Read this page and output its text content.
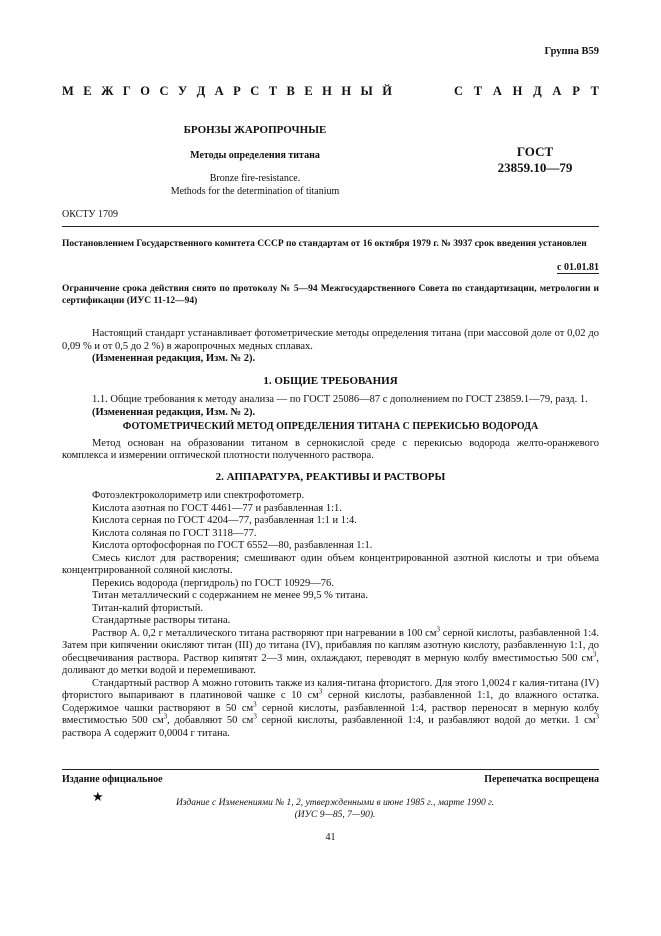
Группа В59
М Е Ж Г О С У Д А Р С Т В Е Н Н Ы Й	С Т А Н Д А Р Т
БРОНЗЫ ЖАРОПРОЧНЫЕ
Методы определения титана
Bronze fire-resistance.
Methods for the determination of titanium
ГОСТ
23859.10—79
ОКСТУ 1709
Постановлением Государственного комитета СССР по стандартам от 16 октября 1979 г. № 3937 срок введения установлен
с 01.01.81
Ограничение срока действия снято по протоколу № 5—94 Межгосударственного Совета по стандартизации, метрологии и сертификации (ИУС 11-12—94)

Настоящий стандарт устанавливает фотометрические методы определения титана (при массовой доле от 0,02 до 0,09 % и от 0,5 до 2 %) в жаропрочных медных сплавах.

(Измененная редакция, Изм. № 2).

1. ОБЩИЕ ТРЕБОВАНИЯ

1.1. Общие требования к методу анализа — по ГОСТ 25086—87 с дополнением по ГОСТ 23859.1—79, разд. 1.

(Измененная редакция, Изм. № 2).

ФОТОМЕТРИЧЕСКИЙ МЕТОД ОПРЕДЕЛЕНИЯ ТИТАНА С ПЕРЕКИСЬЮ ВОДОРОДА

Метод основан на образовании титаном в сернокислой среде с перекисью водорода желто-оранжевого комплекса и измерении оптической плотности полученного раствора.

2. АППАРАТУРА, РЕАКТИВЫ И РАСТВОРЫ

Фотоэлектроколориметр или спектрофотометр.

Кислота азотная по ГОСТ 4461—77 и разбавленная 1:1.

Кислота серная по ГОСТ 4204—77, разбавленная 1:1 и 1:4.

Кислота соляная по ГОСТ 3118—77.

Кислота ортофосфорная по ГОСТ 6552—80, разбавленная 1:1.

Смесь кислот для растворения; смешивают один объем концентрированной азотной кислоты и три объема концентрированной соляной кислоты.

Перекись водорода (пергидроль) по ГОСТ 10929—76.

Титан металлический с содержанием не менее 99,5 % титана.

Титан-калий фтористый.

Стандартные растворы титана.

Раствор А. 0,2 г металлического титана растворяют при нагревании в 100 $см^3$ серной кислоты, разбавленной 1:4. Затем при кипячении окисляют титан (III) до титана (IV), прибавляя по каплям азотную кислоту, разбавленную 1:1, до обесцвечивания раствора. Раствор кипятят 2—3 мин, охлаждают, переводят в мерную колбу вместимостью 500 $см^3$, доливают до метки водой и перемешивают.

Стандартный раствор А можно готовить также из калия-титана фтористого. Для этого 1,0024 г калия-титана (IV) фтористого выпаривают в платиновой чашке с 10 $см^3$ серной кислоты, разбавленной 1:1, до влажного остатка. Содержимое чашки растворяют в 50 $см^3$ серной кислоты, разбавленной 1:4, раствор переносят в мерную колбу вместимостью 500 $см^3$, добавляют 50 $см^3$ серной кислоты, разбавленной 1:4, и разбавляют водой до метки. 1 $см^3$ раствора А содержит 0,0004 г титана.

Издание официальное	Перепечатка воспрещена
★	Издание с Изменениями № 1, 2, утвержденными в июне 1985 г., марте 1990 г.
(ИУС 9—85, 7—90).
41
